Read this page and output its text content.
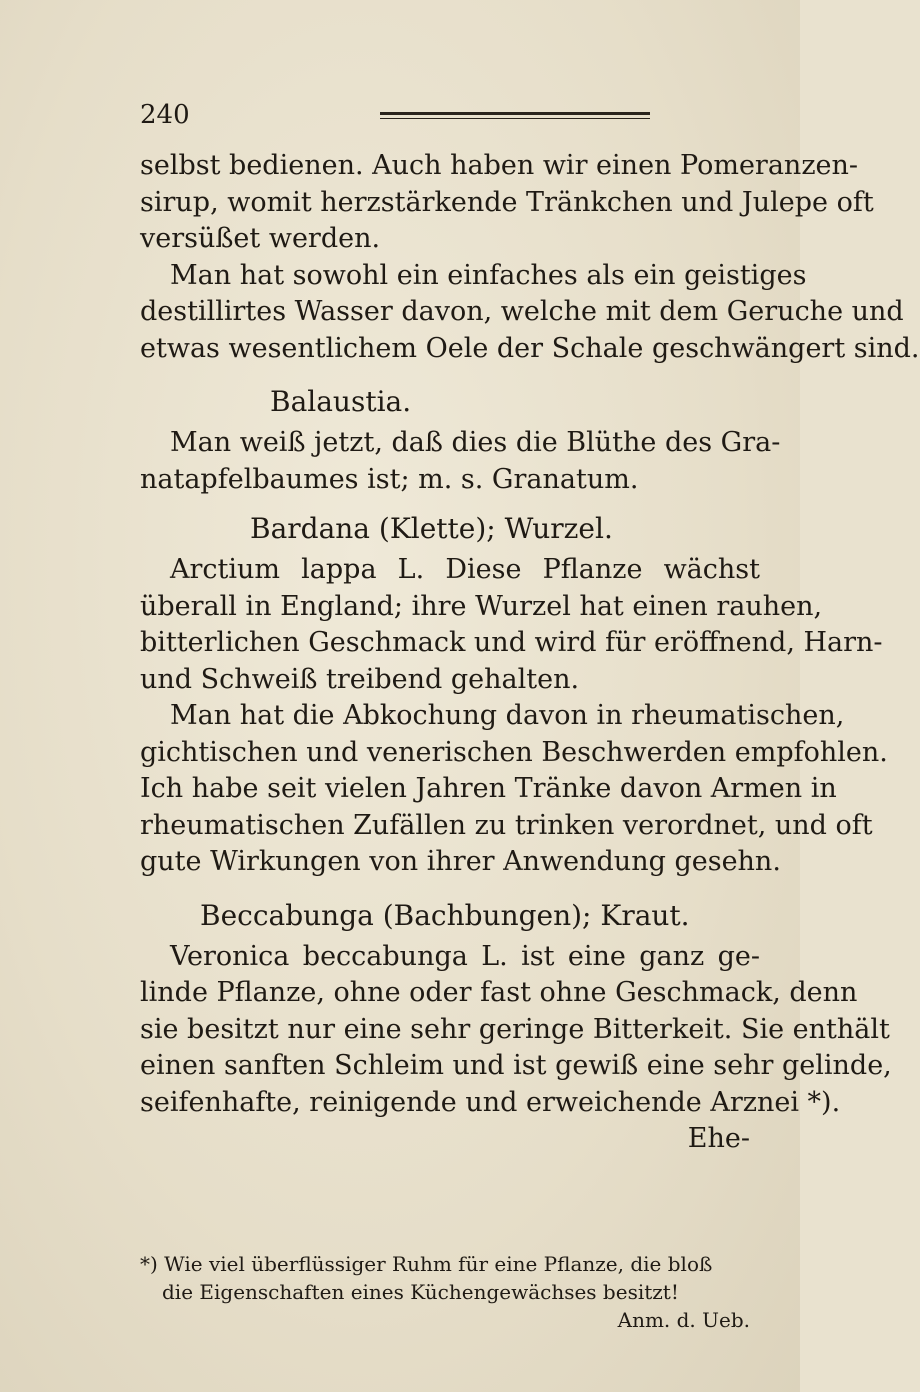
240
selbst bedienen. Auch haben wir einen Pomeranzen-
sirup, womit herzstärkende Tränkchen und Julepe oft
versüßet werden.
Man hat sowohl ein einfaches als ein geistiges
destillirtes Wasser davon, welche mit dem Geruche und
etwas wesentlichem Oele der Schale geschwängert sind.
Balaustia.
Man weiß jetzt, daß dies die Blüthe des Gra-
natapfelbaumes ist; m. s. Granatum.
Bardana (Klette); Wurzel.
Arctium lappa L. Diese Pflanze wächst
überall in England; ihre Wurzel hat einen rauhen,
bitterlichen Geschmack und wird für eröffnend, Harn-
und Schweiß treibend gehalten.
Man hat die Abkochung davon in rheumatischen,
gichtischen und venerischen Beschwerden empfohlen.
Ich habe seit vielen Jahren Tränke davon Armen in
rheumatischen Zufällen zu trinken verordnet, und oft
gute Wirkungen von ihrer Anwendung gesehn.
Beccabunga (Bachbungen); Kraut.
Veronica beccabunga L. ist eine ganz ge-
linde Pflanze, ohne oder fast ohne Geschmack, denn
sie besitzt nur eine sehr geringe Bitterkeit. Sie enthält
einen sanften Schleim und ist gewiß eine sehr gelinde,
seifenhafte, reinigende und erweichende Arznei *).
Ehe-
*) Wie viel überflüssiger Ruhm für eine Pflanze, die bloß
die Eigenschaften eines Küchengewächses besitzt!
Anm. d. Ueb.
